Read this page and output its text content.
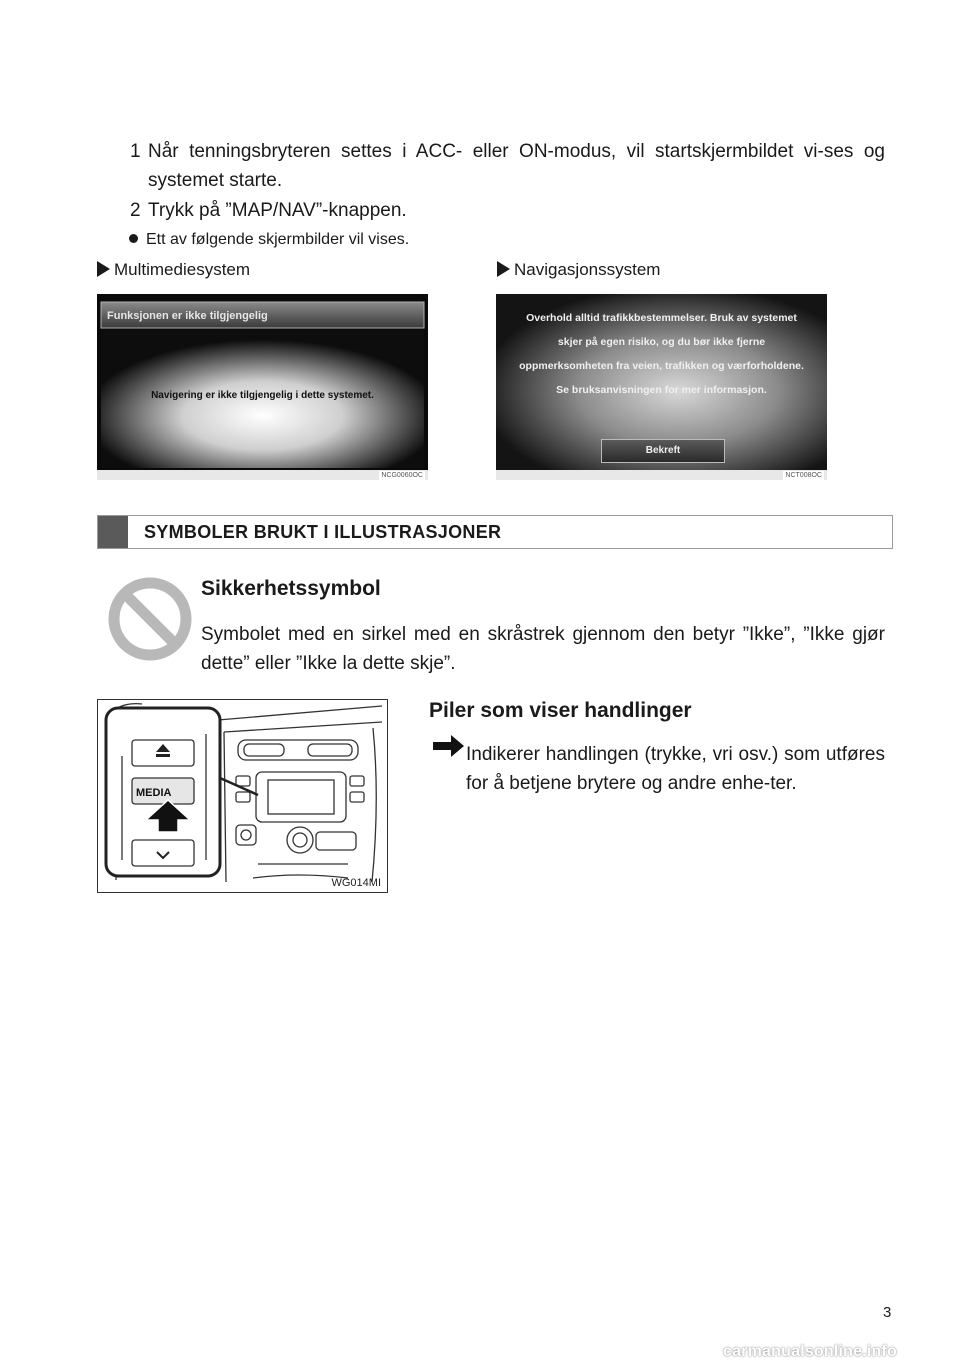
1 Når tenningsbryteren settes i ACC- eller ON-modus, vil startskjermbildet vi-ses og systemet starte.
2 Trykk på ”MAP/NAV”-knappen.
Ett av følgende skjermbilder vil vises.
Multimediesystem	Navigasjonssystem
Funksjonen er ikke tilgjengelig
Navigering er ikke tilgjengelig i dette systemet.
NCG0060OC
Overhold alltid trafikkbestemmelser. Bruk av systemet
skjer på egen risiko, og du bør ikke fjerne
oppmerksomheten fra veien, trafikken og værforholdene.
Se bruksanvisningen for mer informasjon.
Bekreft
NCT008OC
SYMBOLER BRUKT I ILLUSTRASJONER
Sikkerhetssymbol
Symbolet med en sirkel med en skråstrek gjennom den betyr ”Ikke”, ”Ikke gjør dette” eller ”Ikke la dette skje”.
MEDIA
WG014MI
Piler som viser handlinger
Indikerer handlingen (trykke, vri osv.) som utføres for å betjene brytere og andre enhe-ter.
3
carmanualsonline.info
